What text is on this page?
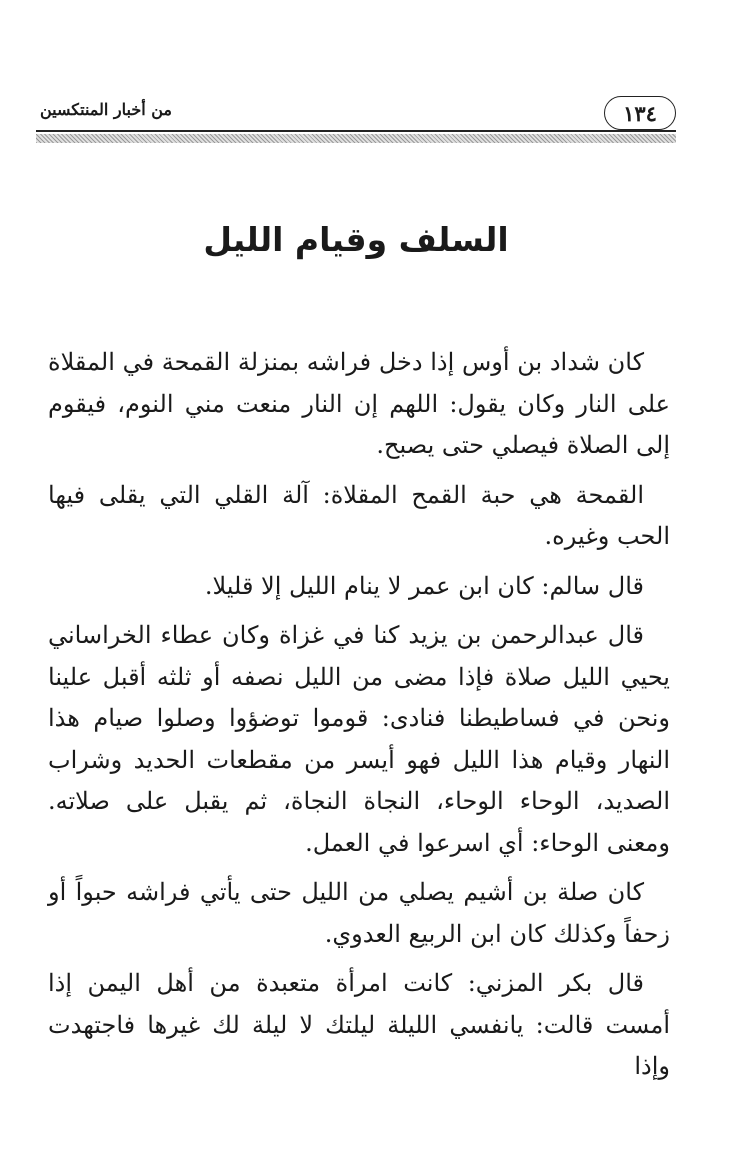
١٣٤
من أخبار المنتكسين
السلف وقيام الليل

كان شداد بن أوس إذا دخل فراشه بمنزلة القمحة في المقلاة على النار وكان يقول: اللهم إن النار منعت مني النوم، فيقوم إلى الصلاة فيصلي حتى يصبح.

القمحة هي حبة القمح المقلاة: آلة القلي التي يقلى فيها الحب وغيره.

قال سالم: كان ابن عمر لا ينام الليل إلا قليلا.

قال عبدالرحمن بن يزيد كنا في غزاة وكان عطاء الخراساني يحيي الليل صلاة فإذا مضى من الليل نصفه أو ثلثه أقبل علينا ونحن في فساطيطنا فنادى: قوموا توضؤوا وصلوا صيام هذا النهار وقيام هذا الليل فهو أيسر من مقطعات الحديد وشراب الصديد، الوحاء الوحاء، النجاة النجاة، ثم يقبل على صلاته. ومعنى الوحاء: أي اسرعوا في العمل.

كان صلة بن أشيم يصلي من الليل حتى يأتي فراشه حبواً أو زحفاً وكذلك كان ابن الربيع العدوي.

قال بكر المزني: كانت امرأة متعبدة من أهل اليمن إذا أمست قالت: يانفسي الليلة ليلتك لا ليلة لك غيرها فاجتهدت وإذا
